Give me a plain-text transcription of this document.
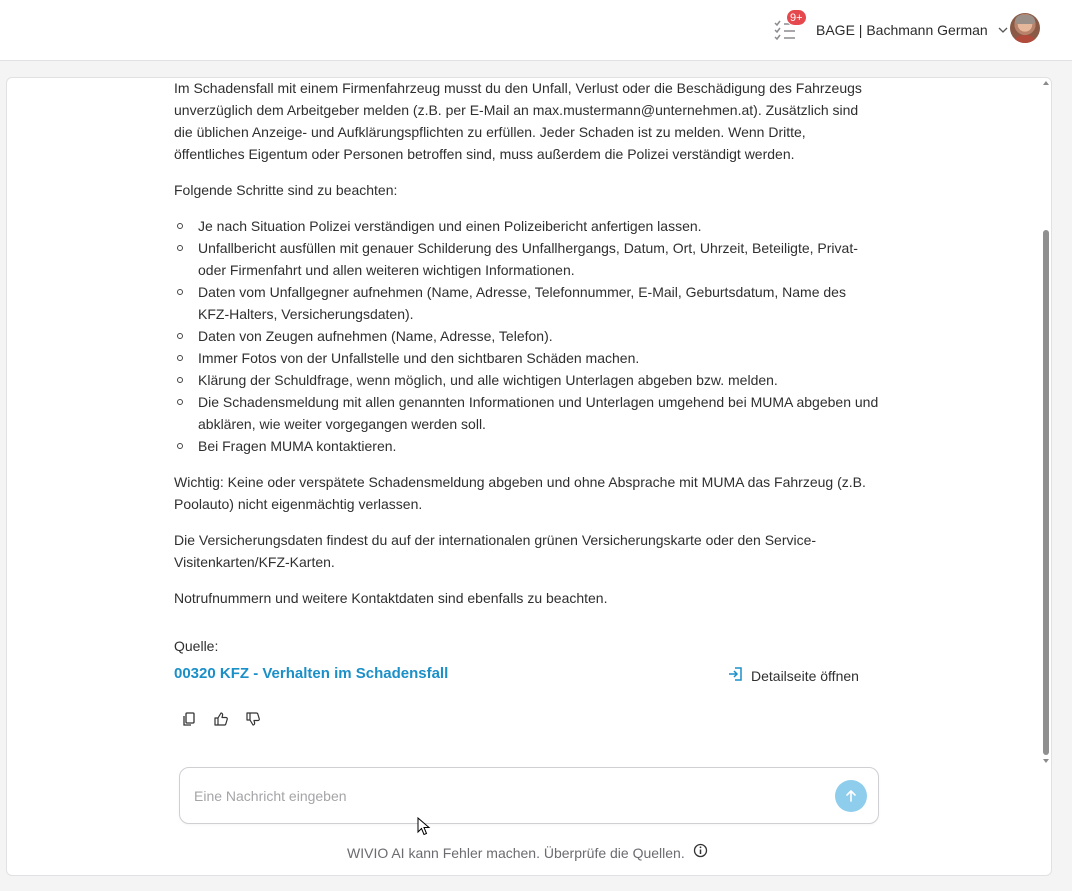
9+
BAGE | Bachmann German

Im Schadensfall mit einem Firmenfahrzeug musst du den Unfall, Verlust oder die Beschädigung des Fahrzeugs unverzüglich dem Arbeitgeber melden (z.B. per E-Mail an max.mustermann@unternehmen.at). Zusätzlich sind die üblichen Anzeige- und Aufklärungspflichten zu erfüllen. Jeder Schaden ist zu melden. Wenn Dritte, öffentliches Eigentum oder Personen betroffen sind, muss außerdem die Polizei verständigt werden.

Folgende Schritte sind zu beachten:

Je nach Situation Polizei verständigen und einen Polizeibericht anfertigen lassen.
Unfallbericht ausfüllen mit genauer Schilderung des Unfallhergangs, Datum, Ort, Uhrzeit, Beteiligte, Privat- oder Firmenfahrt und allen weiteren wichtigen Informationen.
Daten vom Unfallgegner aufnehmen (Name, Adresse, Telefonnummer, E-Mail, Geburtsdatum, Name des KFZ-Halters, Versicherungsdaten).
Daten von Zeugen aufnehmen (Name, Adresse, Telefon).
Immer Fotos von der Unfallstelle und den sichtbaren Schäden machen.
Klärung der Schuldfrage, wenn möglich, und alle wichtigen Unterlagen abgeben bzw. melden.
Die Schadensmeldung mit allen genannten Informationen und Unterlagen umgehend bei MUMA abgeben und abklären, wie weiter vorgegangen werden soll.
Bei Fragen MUMA kontaktieren.

Wichtig: Keine oder verspätete Schadensmeldung abgeben und ohne Absprache mit MUMA das Fahrzeug (z.B. Poolauto) nicht eigenmächtig verlassen.

Die Versicherungsdaten findest du auf der internationalen grünen Versicherungskarte oder den Service-Visitenkarten/KFZ-Karten.

Notrufnummern und weitere Kontaktdaten sind ebenfalls zu beachten.

Quelle:
00320 KFZ - Verhalten im Schadensfall	Detailseite öffnen
Eine Nachricht eingeben
WIVIO AI kann Fehler machen. Überprüfe die Quellen.
